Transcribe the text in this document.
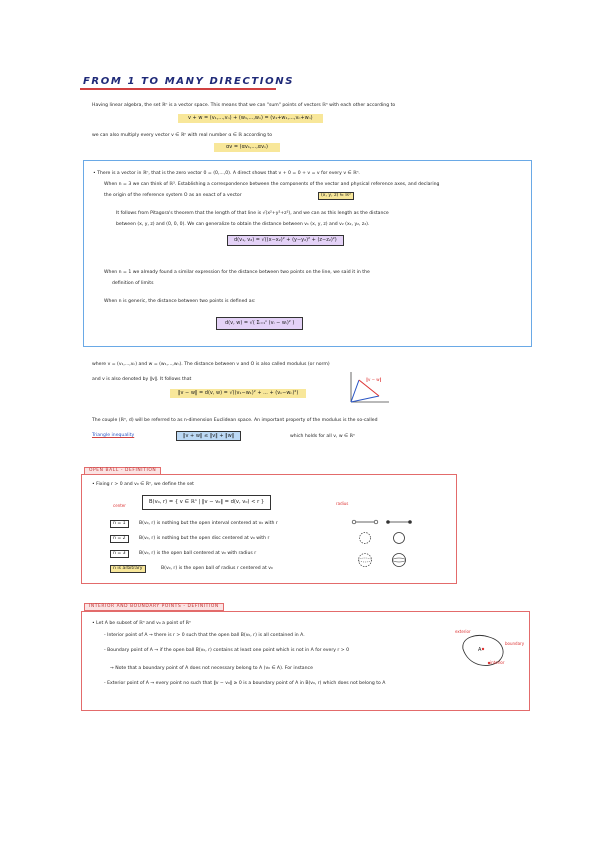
FROM 1 TO MANY DIRECTIONS
Having linear algebra, the set ℝⁿ is a vector space. This means that we can "sum" points of vectors ℝⁿ with each other according to
v + w = (v₁,...,vₙ) + (w₁,...,wₙ) = (v₁+w₁,...,vₙ+wₙ)
we can also multiply every vector v ∈ ℝⁿ with real number α ∈ ℝ according to
αv = (αv₁,...,αvₙ)
• There is a vector in ℝⁿ, that is the zero vector 0 = (0,...,0). A direct shows that v + 0 = 0 + v = v for every v ∈ ℝⁿ.
When n = 3 we can think of ℝ³. Establishing a correspondence between the components of the vector and physical reference axes, and declaring
the origin of the reference system O as an exact of a vector	(x, y, z) ∈ ℝ³
It follows from Pitagora's theorem that the length of that line is √(x²+y²+z²), and we can as this length as the distance
between (x, y, z) and (0, 0, 0). We can generalize to obtain the distance between v₁ (x, y, z) and v₂ (x₂, y₂, z₂).
d(v₁, v₂) = √((x−x₂)² + (y−y₂)² + (z−z₂)²)
When n = 1 we already found a similar expression for the distance between two points on the line, we said it in the
definition of limits
When n is generic, the distance between two points is defined as:
d(v, w) = √( Σᵢ₌₁ⁿ (vᵢ − wᵢ)² )
where v = (v₁,...,vₙ) and w = (w₁,...,wₙ). The distance between v and O is also called modulus (or norm)
and v is also denoted by ‖v‖. It follows that
‖v − w‖ = d(v, w) = √((v₁−w₁)² + ... + (vₙ−wₙ)²)
‖v − w‖
The couple (ℝⁿ, d) will be referred to as n-dimension Euclidean space. An important property of the modulus is the so-called
Triangle inequality	‖v + w‖ ≤ ‖v‖ + ‖w‖	which holds for all v, w ∈ ℝⁿ
OPEN BALL - DEFINITION
• Fixing r > 0 and v₀ ∈ ℝⁿ, we define the set
center
B(v₀, r) = { v ∈ ℝⁿ | ‖v − v₀‖ = d(v, v₀) < r }	radius
n = 1	B(v₀, r) is nothing but the open interval centered at v₀ with r
n = 2	B(v₀, r) is nothing but the open disc centered at v₀ with r
n = 3	B(v₀, r) is the open ball centered at v₀ with radius r
n is arbitrary	B(v₀, r) is the open ball of radius r centered at v₀
INTERIOR AND BOUNDARY POINTS - DEFINITION
• Let A be subset of ℝⁿ and v₀ a point of ℝⁿ
- Interior point of A → there is r > 0 such that the open ball B(v₀, r) is all contained in A.
- Boundary point of A → if the open ball B(v₀, r) contains at least one point which is not in A for every r > 0
→ Note that a boundary point of A does not necessary belong to A (v₀ ∈ A). For instance
- Exterior point of A → every point no such that ‖v − v₀‖ ≥ 0 is a boundary point of A in B(v₀, r) which does not belong to A
exterior
boundary
interior
A
